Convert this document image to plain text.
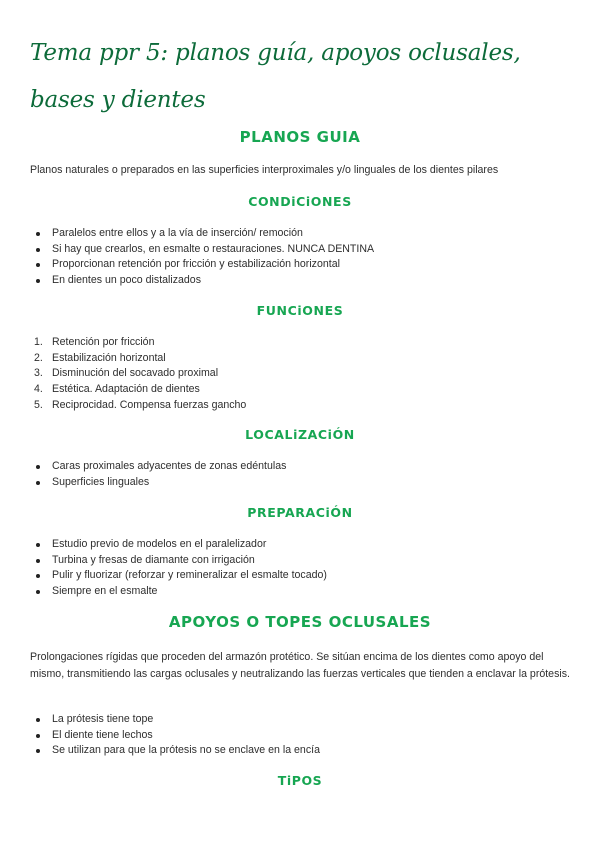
Tema ppr 5: planos guía, apoyos oclusales, bases y dientes
PLANOS GUIA

Planos naturales o preparados en las superficies interproximales y/o linguales de los dientes pilares

CONDiCiONES
Paralelos entre ellos y a la vía de inserción/ remoción
Si hay que crearlos, en esmalte o restauraciones. NUNCA DENTINA
Proporcionan retención por fricción y estabilización horizontal
En dientes un poco distalizados
FUNCiONES
1. Retención por fricción
2. Estabilización horizontal
3. Disminución del socavado proximal
4. Estética. Adaptación de dientes
5. Reciprocidad. Compensa fuerzas gancho
LOCALiZACiÓN
Caras proximales adyacentes de zonas edéntulas
Superficies linguales
PREPARACiÓN
Estudio previo de modelos en el paralelizador
Turbina y fresas de diamante con irrigación
Pulir y fluorizar (reforzar y remineralizar el esmalte tocado)
Siempre en el esmalte
APOYOS O TOPES OCLUSALES

Prolongaciones rígidas que proceden del armazón protético. Se sitúan encima de los dientes como apoyo del mismo, transmitiendo las cargas oclusales y neutralizando las fuerzas verticales que tienden a enclavar la prótesis.

La prótesis tiene tope
El diente tiene lechos
Se utilizan para que la prótesis no se enclave en la encía
TiPOS
